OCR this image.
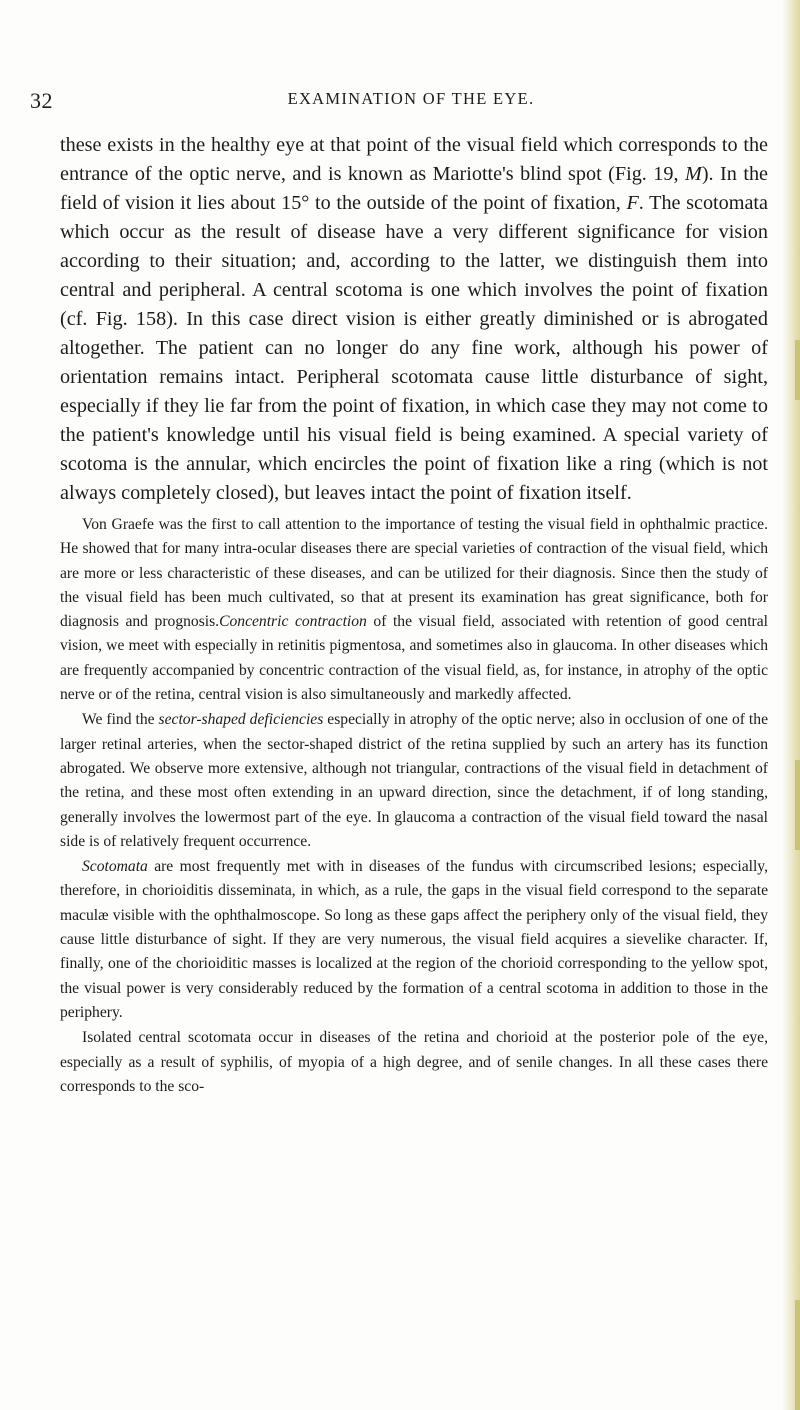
32	EXAMINATION OF THE EYE.

these exists in the healthy eye at that point of the visual field which corresponds to the entrance of the optic nerve, and is known as Mariotte's blind spot (Fig. 19, M). In the field of vision it lies about 15° to the outside of the point of fixation, F. The scotomata which occur as the result of disease have a very different significance for vision according to their situation; and, according to the latter, we distinguish them into central and peripheral. A central scotoma is one which involves the point of fixation (cf. Fig. 158). In this case direct vision is either greatly diminished or is abrogated altogether. The patient can no longer do any fine work, although his power of orientation remains intact. Peripheral scotomata cause little disturbance of sight, especially if they lie far from the point of fixation, in which case they may not come to the patient's knowledge until his visual field is being examined. A special variety of scotoma is the annular, which encircles the point of fixation like a ring (which is not always completely closed), but leaves intact the point of fixation itself.

Von Graefe was the first to call attention to the importance of testing the visual field in ophthalmic practice. He showed that for many intra-ocular diseases there are special varieties of contraction of the visual field, which are more or less characteristic of these diseases, and can be utilized for their diagnosis. Since then the study of the visual field has been much cultivated, so that at present its examination has great significance, both for diagnosis and prognosis.Concentric contraction of the visual field, associated with retention of good central vision, we meet with especially in retinitis pigmentosa, and sometimes also in glaucoma. In other diseases which are frequently accompanied by concentric contraction of the visual field, as, for instance, in atrophy of the optic nerve or of the retina, central vision is also simultaneously and markedly affected.

We find the sector-shaped deficiencies especially in atrophy of the optic nerve; also in occlusion of one of the larger retinal arteries, when the sector-shaped district of the retina supplied by such an artery has its function abrogated. We observe more extensive, although not triangular, contractions of the visual field in detachment of the retina, and these most often extending in an upward direction, since the detachment, if of long standing, generally involves the lowermost part of the eye. In glaucoma a contraction of the visual field toward the nasal side is of relatively frequent occurrence.

Scotomata are most frequently met with in diseases of the fundus with circumscribed lesions; especially, therefore, in chorioiditis disseminata, in which, as a rule, the gaps in the visual field correspond to the separate maculæ visible with the ophthalmoscope. So long as these gaps affect the periphery only of the visual field, they cause little disturbance of sight. If they are very numerous, the visual field acquires a sievelike character. If, finally, one of the chorioiditic masses is localized at the region of the chorioid corresponding to the yellow spot, the visual power is very considerably reduced by the formation of a central scotoma in addition to those in the periphery.

Isolated central scotomata occur in diseases of the retina and chorioid at the posterior pole of the eye, especially as a result of syphilis, of myopia of a high degree, and of senile changes. In all these cases there corresponds to the sco-
